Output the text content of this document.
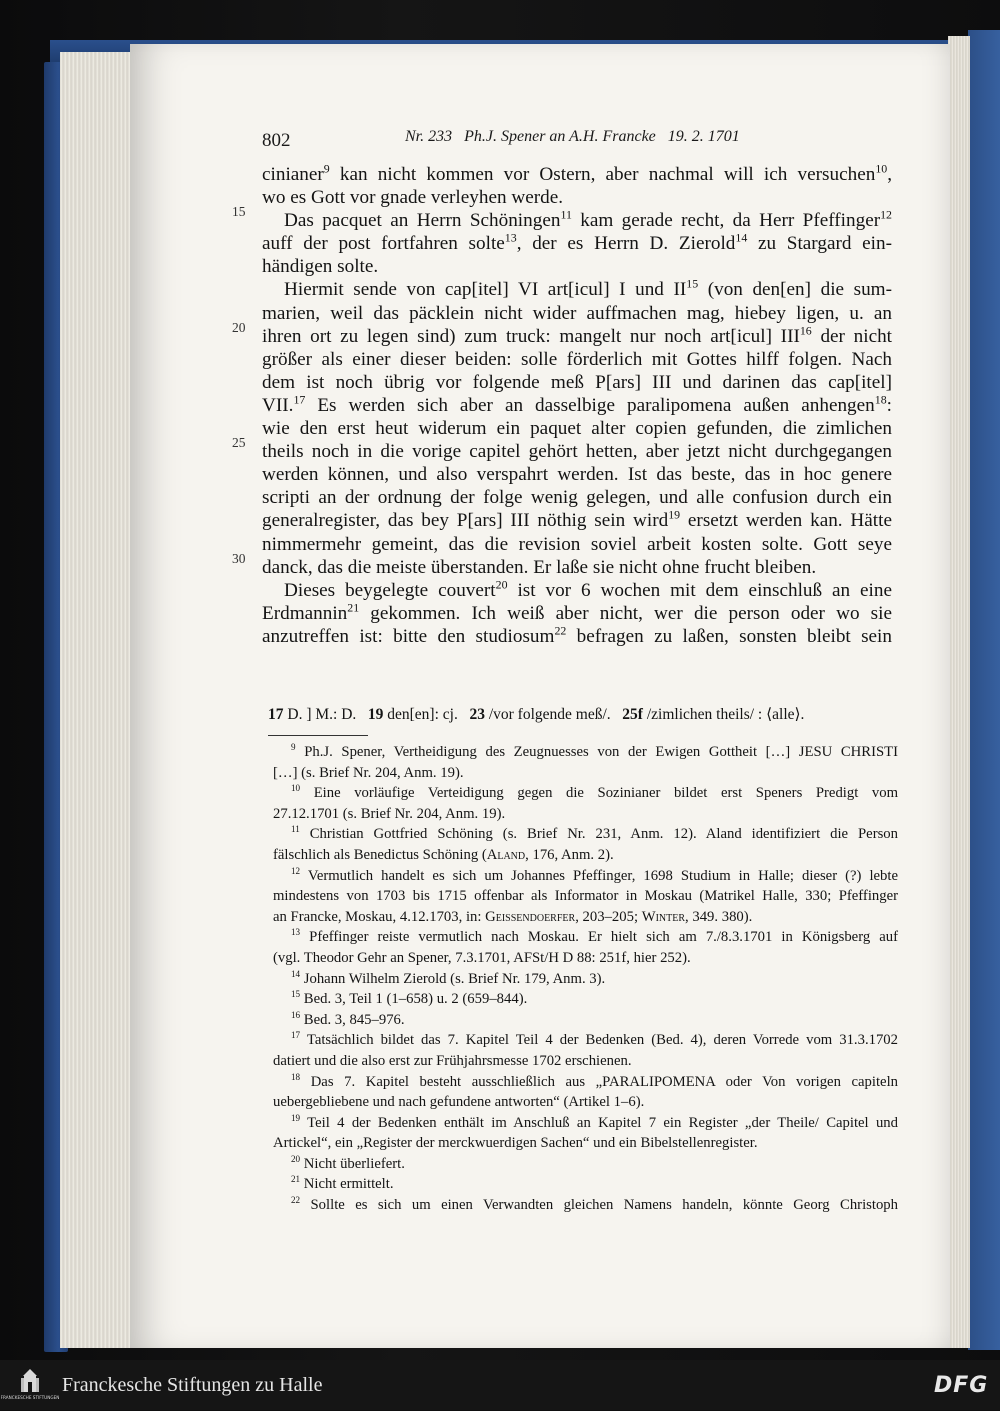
802	Nr. 233   Ph.J. Spener an A.H. Francke   19. 2. 1701
15
20
25
30
cinianer$^9$ kan nicht kommen vor Ostern, aber nachmal will ich versuchen$^{10}$,
wo es Gott vor gnade verleyhen werde.
Das pacquet an Herrn Schöningen$^{11}$ kam gerade recht, da Herr Pfeffinger$^{12}$
auff der post fortfahren solte$^{13}$, der es Herrn D. Zierold$^{14}$ zu Stargard ein-
händigen solte.
Hiermit sende von cap[itel] VI art[icul] I und II$^{15}$ (von den[en] die sum-
marien, weil das päcklein nicht wider auffmachen mag, hiebey ligen, u. an
ihren ort zu legen sind) zum truck: mangelt nur noch art[icul] III$^{16}$ der nicht
größer als einer dieser beiden: solle förderlich mit Gottes hilff folgen. Nach
dem ist noch übrig vor folgende meß P[ars] III und darinen das cap[itel]
VII.$^{17}$ Es werden sich aber an dasselbige paralipomena außen anhengen$^{18}$:
wie den erst heut widerum ein paquet alter copien gefunden, die zimlichen
theils noch in die vorige capitel gehört hetten, aber jetzt nicht durchgegangen
werden können, und also verspahrt werden. Ist das beste, das in hoc genere
scripti an der ordnung der folge wenig gelegen, und alle confusion durch ein
generalregister, das bey P[ars] III nöthig sein wird$^{19}$ ersetzt werden kan. Hätte
nimmermehr gemeint, das die revision soviel arbeit kosten solte. Gott seye
danck, das die meiste überstanden. Er laße sie nicht ohne frucht bleiben.
Dieses beygelegte couvert$^{20}$ ist vor 6 wochen mit dem einschluß an eine
Erdmannin$^{21}$ gekommen. Ich weiß aber nicht, wer die person oder wo sie
anzutreffen ist: bitte den studiosum$^{22}$ befragen zu laßen, sonsten bleibt sein
17 D. ] M.: D.   19 den[en]: cj.   23 /vor folgende meß/.   25f /zimlichen theils/ : ⟨alle⟩.
$^9$ Ph.J. Spener, Vertheidigung des Zeugnuesses von der Ewigen Gottheit […] JESU CHRISTI
[…] (s. Brief Nr. 204, Anm. 19).
$^{10}$ Eine vorläufige Verteidigung gegen die Sozinianer bildet erst Speners Predigt vom
27.12.1701 (s. Brief Nr. 204, Anm. 19).
$^{11}$ Christian Gottfried Schöning (s. Brief Nr. 231, Anm. 12). Aland identifiziert die Person
fälschlich als Benedictus Schöning (Aland, 176, Anm. 2).
$^{12}$ Vermutlich handelt es sich um Johannes Pfeffinger, 1698 Studium in Halle; dieser (?) lebte
mindestens von 1703 bis 1715 offenbar als Informator in Moskau (Matrikel Halle, 330; Pfeffinger
an Francke, Moskau, 4.12.1703, in: Geissendoerfer, 203–205; Winter, 349. 380).
$^{13}$ Pfeffinger reiste vermutlich nach Moskau. Er hielt sich am 7./8.3.1701 in Königsberg auf
(vgl. Theodor Gehr an Spener, 7.3.1701, AFSt/H D 88: 251f, hier 252).
$^{14}$ Johann Wilhelm Zierold (s. Brief Nr. 179, Anm. 3).
$^{15}$ Bed. 3, Teil 1 (1–658) u. 2 (659–844).
$^{16}$ Bed. 3, 845–976.
$^{17}$ Tatsächlich bildet das 7. Kapitel Teil 4 der Bedenken (Bed. 4), deren Vorrede vom 31.3.1702
datiert und die also erst zur Frühjahrsmesse 1702 erschienen.
$^{18}$ Das 7. Kapitel besteht ausschließlich aus „PARALIPOMENA oder Von vorigen capiteln
uebergebliebene und nach gefundene antworten“ (Artikel 1–6).
$^{19}$ Teil 4 der Bedenken enthält im Anschluß an Kapitel 7 ein Register „der Theile/ Capitel und
Artickel“, ein „Register der merckwuerdigen Sachen“ und ein Bibelstellenregister.
$^{20}$ Nicht überliefert.
$^{21}$ Nicht ermittelt.
$^{22}$ Sollte es sich um einen Verwandten gleichen Namens handeln, könnte Georg Christoph
FRANCKESCHE STIFTUNGEN
Franckesche Stiftungen zu Halle	DFG
